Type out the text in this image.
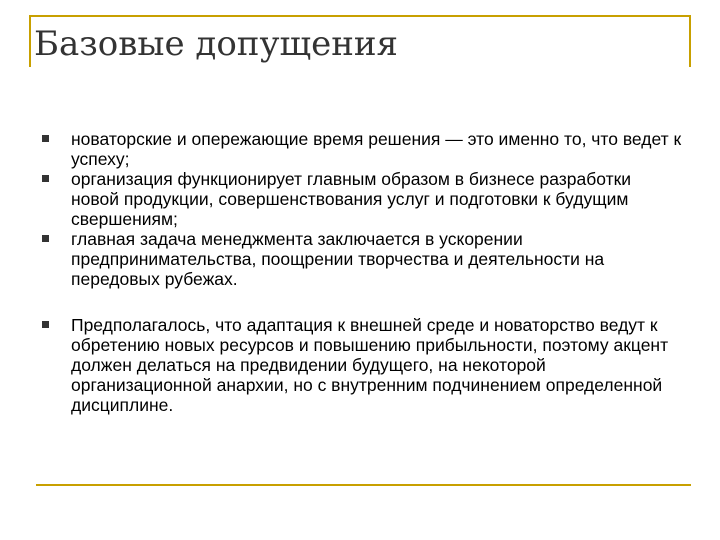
Базовые допущения
новаторские и опережающие время решения — это именно то, что ведет к успеху;
организация функционирует главным образом в бизнесе разработки новой продукции, совершенствования услуг и подготовки к будущим свершениям;
главная задача менеджмента заключается в ускорении предпринимательства, поощрении творчества и деятельности на передовых рубежах.
Предполагалось, что адаптация к внешней среде и новаторство ведут к обретению новых ресурсов и повышению прибыльности, поэтому акцент должен делаться на предвидении будущего, на некоторой организационной анархии, но с внутренним подчинением определенной дисциплине.
